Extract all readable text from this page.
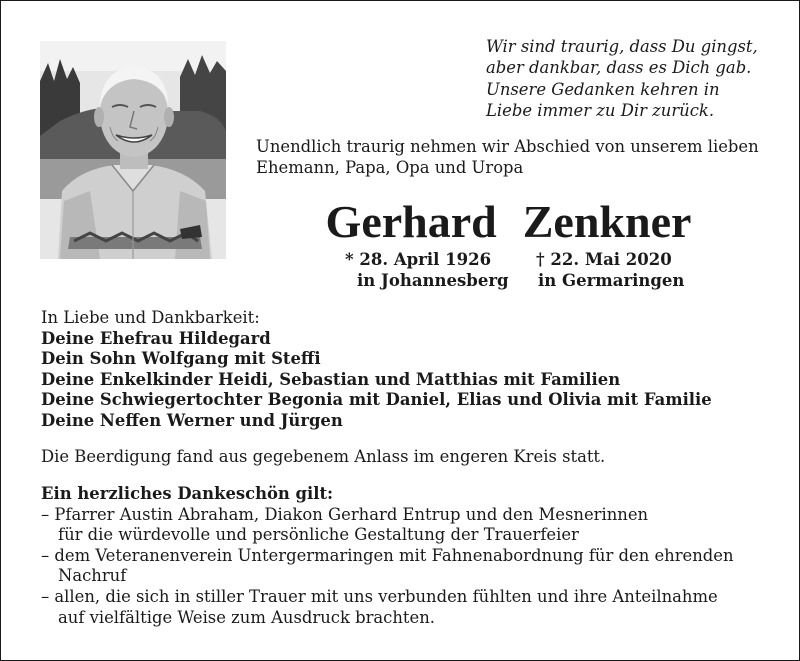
Wir sind traurig, dass Du gingst,
aber dankbar, dass es Dich gab.
Unsere Gedanken kehren in
Liebe immer zu Dir zurück.
Unendlich traurig nehmen wir Abschied von unserem lieben
Ehemann, Papa, Opa und Uropa
Gerhard Zenkner
* 28. April 1926
in Johannesberg
† 22. Mai 2020
in Germaringen
In Liebe und Dankbarkeit:
Deine Ehefrau Hildegard
Dein Sohn Wolfgang mit Steffi
Deine Enkelkinder Heidi, Sebastian und Matthias mit Familien
Deine Schwiegertochter Begonia mit Daniel, Elias und Olivia mit Familie
Deine Neffen Werner und Jürgen
Die Beerdigung fand aus gegebenem Anlass im engeren Kreis statt.
Ein herzliches Dankeschön gilt:
– Pfarrer Austin Abraham, Diakon Gerhard Entrup und den Mesnerinnen
für die würdevolle und persönliche Gestaltung der Trauerfeier
– dem Veteranenverein Untergermaringen mit Fahnenabordnung für den ehrenden
Nachruf
– allen, die sich in stiller Trauer mit uns verbunden fühlten und ihre Anteilnahme
auf vielfältige Weise zum Ausdruck brachten.
